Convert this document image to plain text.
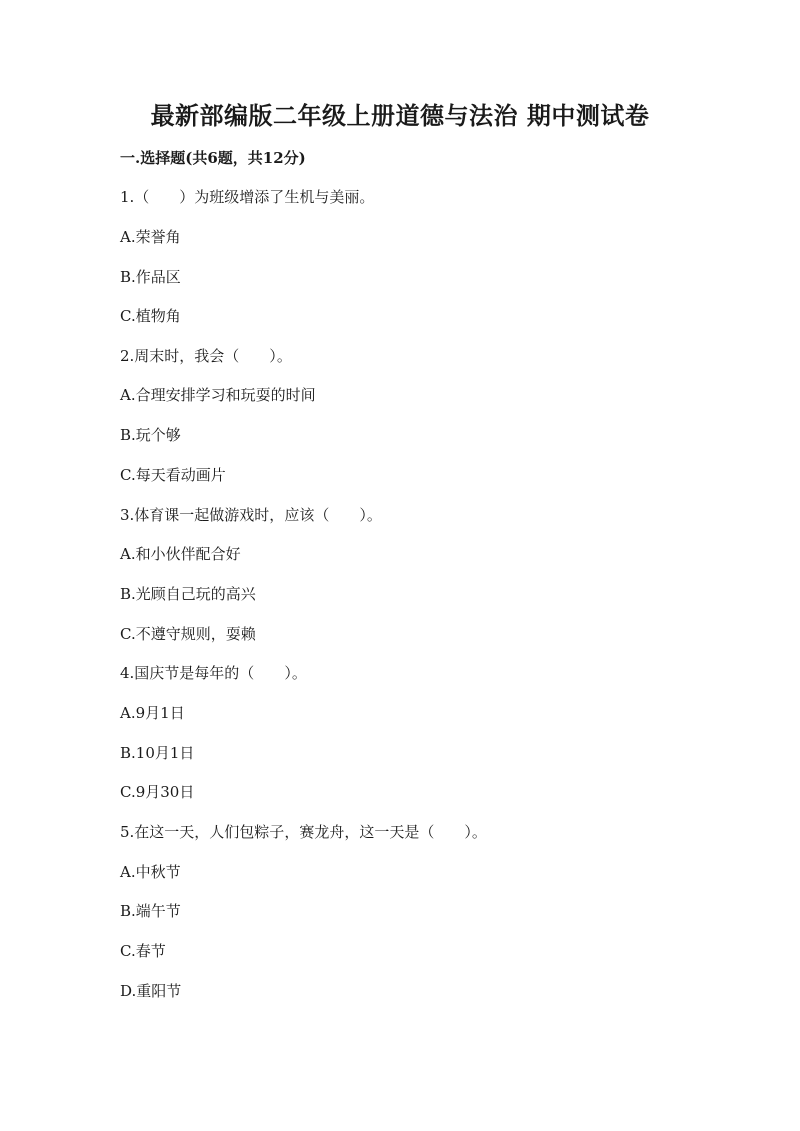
最新部编版二年级上册道德与法治 期中测试卷
一.选择题(共6题，共12分)
1.（　　）为班级增添了生机与美丽。
A.荣誉角
B.作品区
C.植物角
2.周末时，我会（　　）。
A.合理安排学习和玩耍的时间
B.玩个够
C.每天看动画片
3.体育课一起做游戏时，应该（　　）。
A.和小伙伴配合好
B.光顾自己玩的高兴
C.不遵守规则，耍赖
4.国庆节是每年的（　　）。
A.9月1日
B.10月1日
C.9月30日
5.在这一天，人们包粽子，赛龙舟，这一天是（　　）。
A.中秋节
B.端午节
C.春节
D.重阳节
